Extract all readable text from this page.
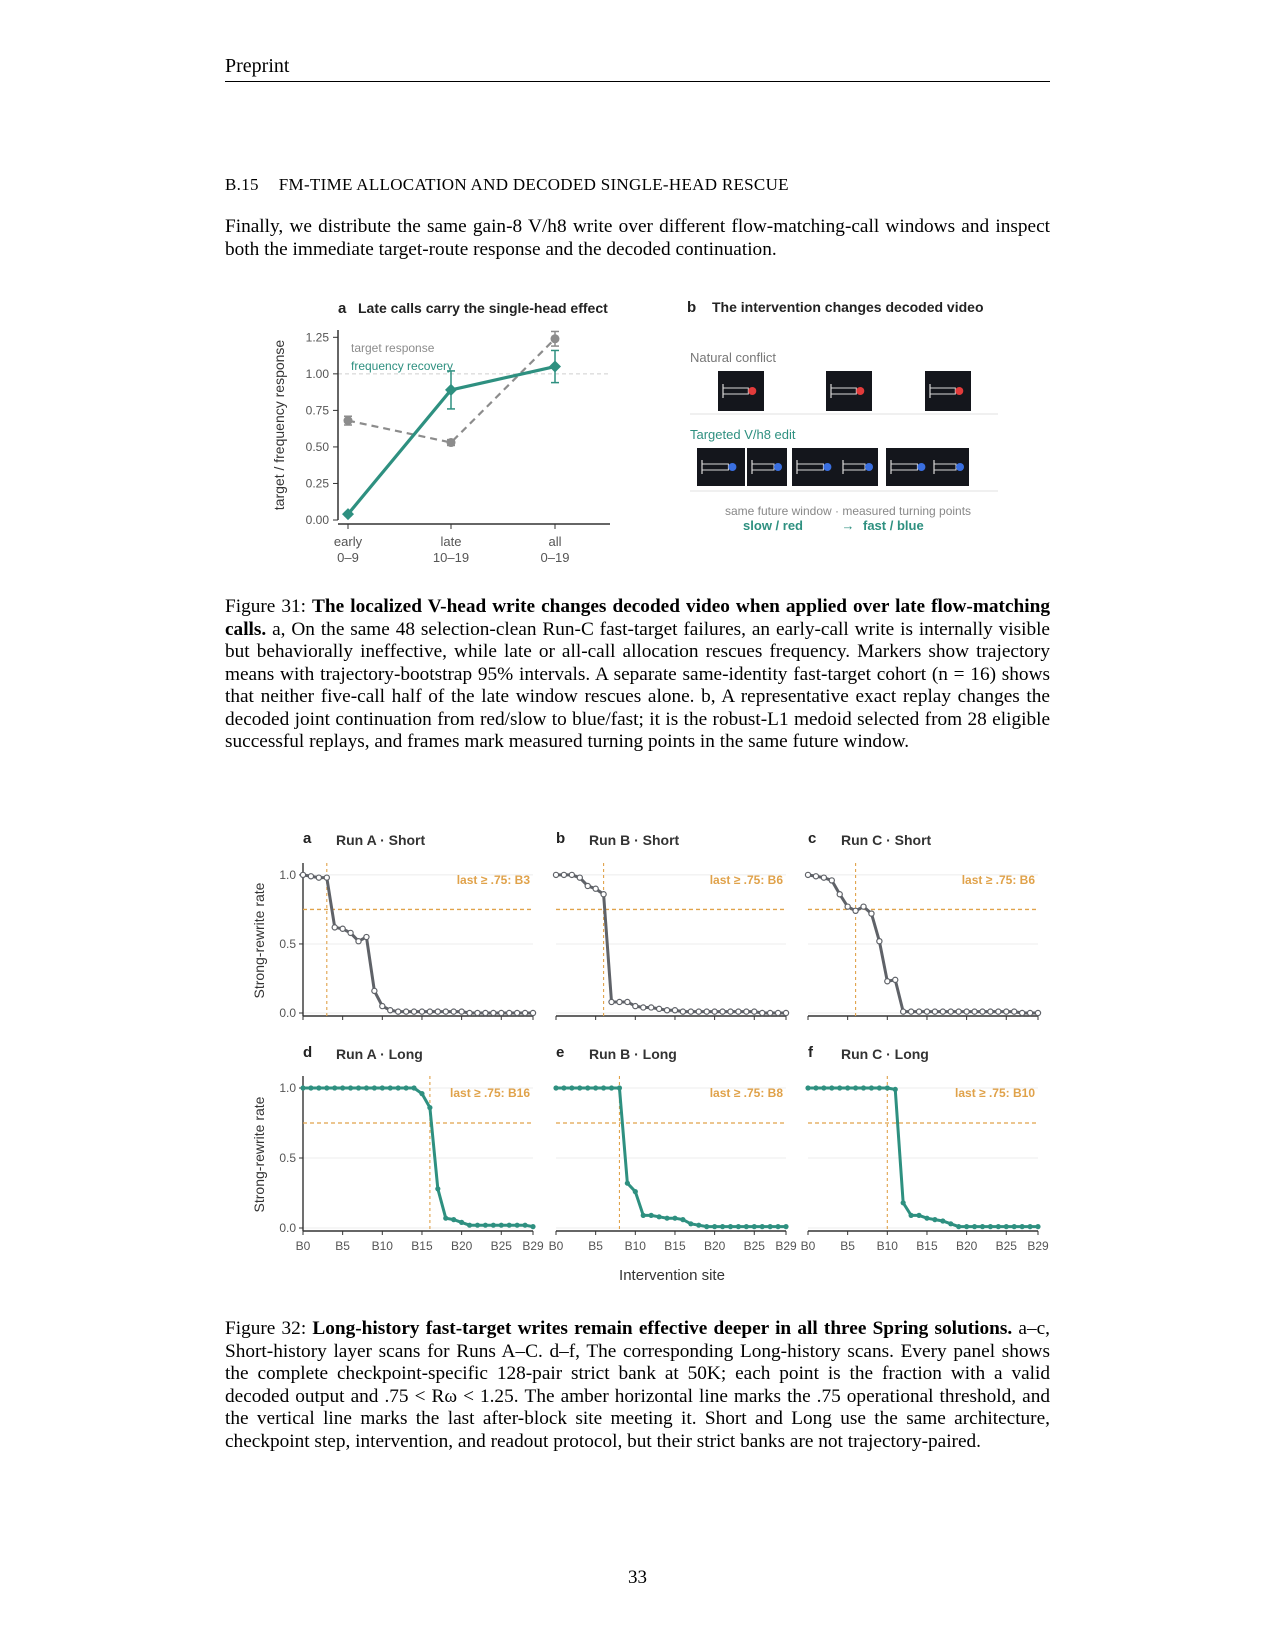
Preprint
B.15 FM-TIME ALLOCATION AND DECODED SINGLE-HEAD RESCUE
Finally, we distribute the same gain-8 V/h8 write over different flow-matching-call windows and inspect both the immediate target-route response and the decoded continuation.
a Late calls carry the single-head effect
0.00
0.25
0.50
0.75
1.00
1.25
target / frequency response
early
0–9
late
10–19
all
0–19
target response
frequency recovery
b The intervention changes decoded video
Natural conflict
Targeted V/h8 edit
same future window · measured turning points
slow / red	→ fast / blue
Figure 31: The localized V-head write changes decoded video when applied over late flow-matching calls. a, On the same 48 selection-clean Run-C fast-target failures, an early-call write is internally visible but behaviorally ineffective, while late or all-call allocation rescues frequency. Markers show trajectory means with trajectory-bootstrap 95% intervals. A separate same-identity fast-target cohort (n = 16) shows that neither five-call half of the late window rescues alone. b, A representative exact replay changes the decoded joint continuation from red/slow to blue/fast; it is the robust-L1 medoid selected from 28 eligible successful replays, and frames mark measured turning points in the same future window.
Figure 32: Long-history fast-target writes remain effective deeper in all three Spring solutions. a–c, Short-history layer scans for Runs A–C. d–f, The corresponding Long-history scans. Every panel shows the complete checkpoint-specific 128-pair strict bank at 50K; each point is the fraction with a valid decoded output and .75 < Rω < 1.25. The amber horizontal line marks the .75 operational threshold, and the vertical line marks the last after-block site meeting it. Short and Long use the same architecture, checkpoint step, intervention, and readout protocol, but their strict banks are not trajectory-paired.
33
0.0
0.5
1.0
Strong-rewrite rate
a Run A · Short
last ≥ .75: B3
b Run B · Short
last ≥ .75: B6
c Run C · Short
last ≥ .75: B6
0.0
0.5
1.0
Strong-rewrite rate
B0 B5 B10 B15 B20 B25 B29
d Run A · Long
last ≥ .75: B16
B0 B5 B10 B15 B20 B25 B29
e Run B · Long
last ≥ .75: B8
B0 B5 B10 B15 B20 B25 B29
f Run C · Long
last ≥ .75: B10
Intervention site
